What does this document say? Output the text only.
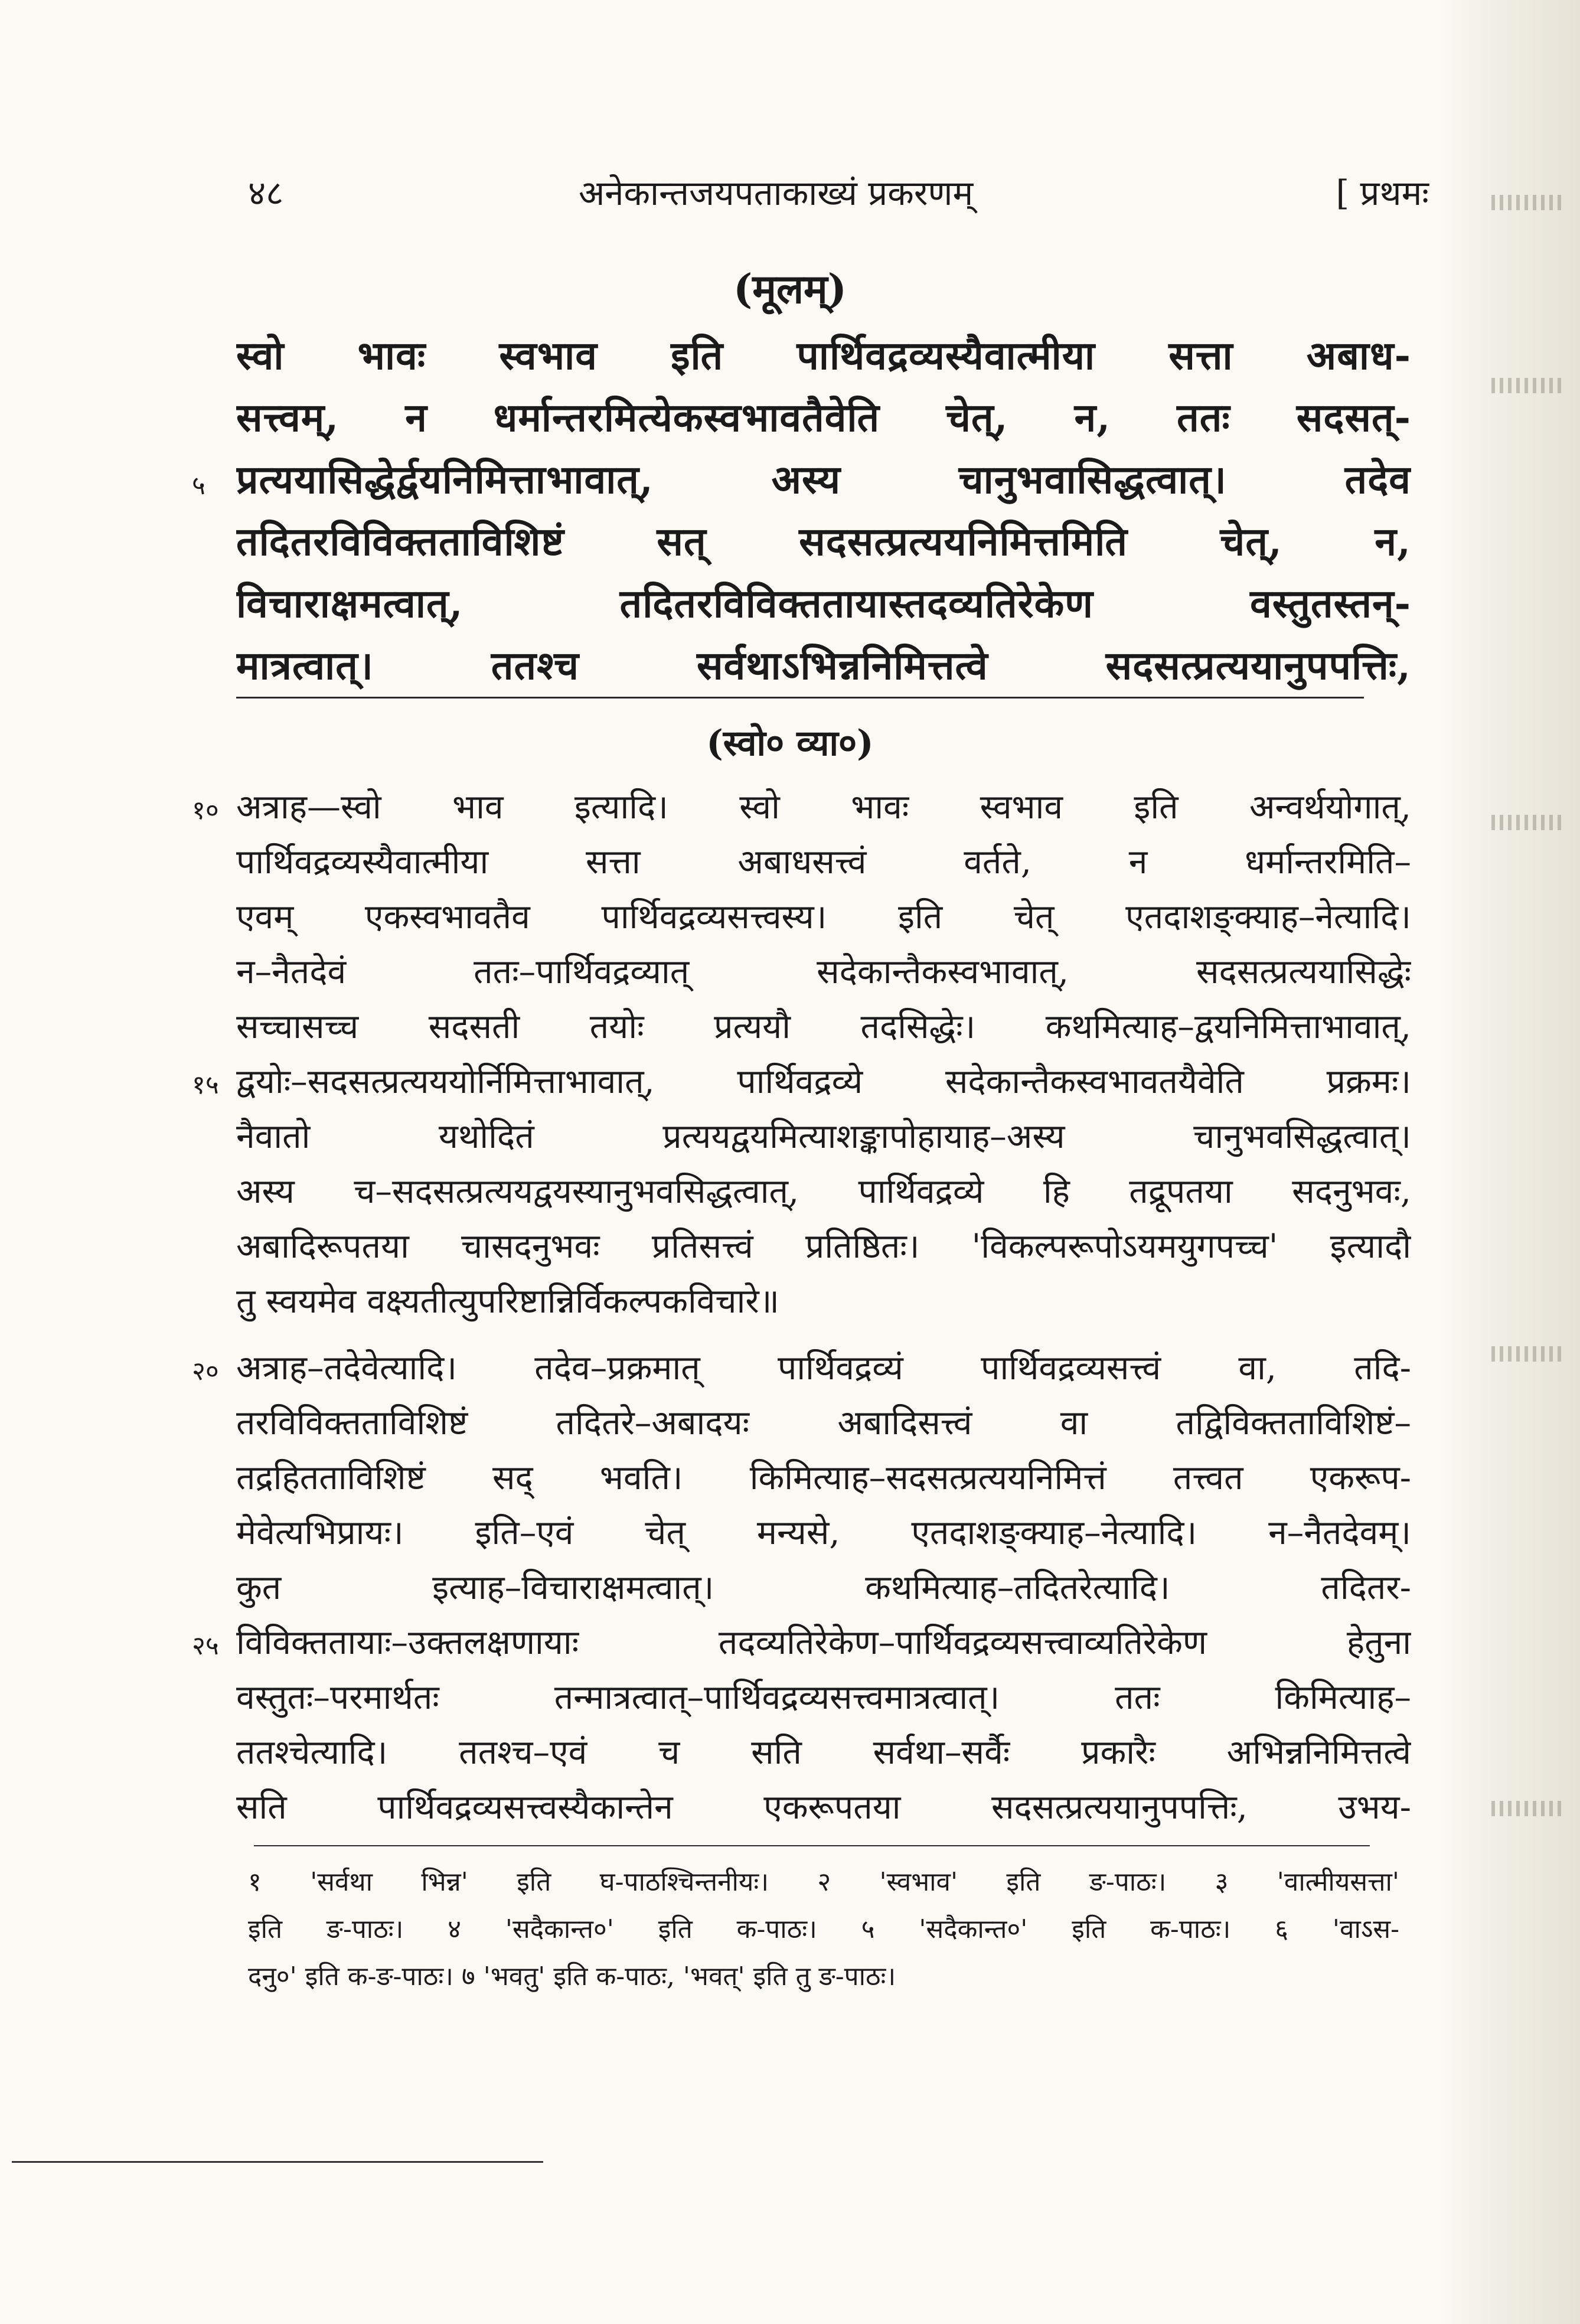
४८	अनेकान्तजयपताकाख्यं प्रकरणम्	[ प्रथमः
(मूलम्)
स्वो भावः स्वभाव इति पार्थिवद्रव्यस्यैवात्मीया सत्ता अबाध-
सत्त्वम्, न धर्मान्तरमित्येकस्वभावतैवेति चेत्, न, ततः सदसत्-
प्रत्ययासिद्धेर्द्वयनिमित्ताभावात्, अस्य चानुभवासिद्धत्वात्। तदेव
तदितरविविक्तताविशिष्टं सत् सदसत्प्रत्ययनिमित्तमिति चेत्, न,
विचाराक्षमत्वात्, तदितरविविक्ततायास्तदव्यतिरेकेण वस्तुतस्तन्-
मात्रत्वात्। ततश्च सर्वथाऽभिन्ननिमित्तत्वे सदसत्प्रत्ययानुपपत्तिः,
५
(स्वो० व्या०)
अत्राह—स्वो भाव इत्यादि। स्वो भावः स्वभाव इति अन्वर्थयोगात्,
पार्थिवद्रव्यस्यैवात्मीया सत्ता अबाधसत्त्वं वर्तते, न धर्मान्तरमिति–
एवम् एकस्वभावतैव पार्थिवद्रव्यसत्त्वस्य। इति चेत् एतदाशङ्क्याह–नेत्यादि।
न–नैतदेवं ततः–पार्थिवद्रव्यात् सदेकान्तैकस्वभावात्, सदसत्प्रत्ययासिद्धेः
सच्चासच्च सदसती तयोः प्रत्ययौ तदसिद्धेः। कथमित्याह–द्वयनिमित्ताभावात्,
द्वयोः–सदसत्प्रत्यययोर्निमित्ताभावात्, पार्थिवद्रव्ये सदेकान्तैकस्वभावतयैवेति प्रक्रमः।
नैवातो यथोदितं प्रत्ययद्वयमित्याशङ्कापोहायाह–अस्य चानुभवसिद्धत्वात्।
अस्य च–सदसत्प्रत्ययद्वयस्यानुभवसिद्धत्वात्, पार्थिवद्रव्ये हि तद्रूपतया सदनुभवः,
अबादिरूपतया चासदनुभवः प्रतिसत्त्वं प्रतिष्ठितः। 'विकल्परूपोऽयमयुगपच्च' इत्यादौ
तु स्वयमेव वक्ष्यतीत्युपरिष्टान्निर्विकल्पकविचारे॥
अत्राह–तदेवेत्यादि। तदेव–प्रक्रमात् पार्थिवद्रव्यं पार्थिवद्रव्यसत्त्वं वा, तदि-
तरविविक्तताविशिष्टं तदितरे–अबादयः अबादिसत्त्वं वा तद्विविक्तताविशिष्टं–
तद्रहितताविशिष्टं सद् भवति। किमित्याह–सदसत्प्रत्ययनिमित्तं तत्त्वत एकरूप-
मेवेत्यभिप्रायः। इति–एवं चेत् मन्यसे, एतदाशङ्क्याह–नेत्यादि। न–नैतदेवम्।
कुत इत्याह–विचाराक्षमत्वात्। कथमित्याह–तदितरेत्यादि। तदितर-
विविक्ततायाः–उक्तलक्षणायाः तदव्यतिरेकेण–पार्थिवद्रव्यसत्त्वाव्यतिरेकेण हेतुना
वस्तुतः–परमार्थतः तन्मात्रत्वात्–पार्थिवद्रव्यसत्त्वमात्रत्वात्। ततः किमित्याह–
ततश्चेत्यादि। ततश्च–एवं च सति सर्वथा–सर्वैः प्रकारैः अभिन्ननिमित्तत्वे
सति पार्थिवद्रव्यसत्त्वस्यैकान्तेन एकरूपतया सदसत्प्रत्ययानुपपत्तिः, उभय-
१०
१५
२०
२५
१ 'सर्वथा भिन्न' इति घ-पाठश्चिन्तनीयः। २ 'स्वभाव' इति ङ-पाठः। ३ 'वात्मीयसत्ता'
इति ङ-पाठः। ४ 'सदैकान्त०' इति क-पाठः। ५ 'सदैकान्त०' इति क-पाठः। ६ 'वाऽस-
दनु०' इति क-ङ-पाठः। ७ 'भवतु' इति क-पाठः, 'भवत्' इति तु ङ-पाठः।
